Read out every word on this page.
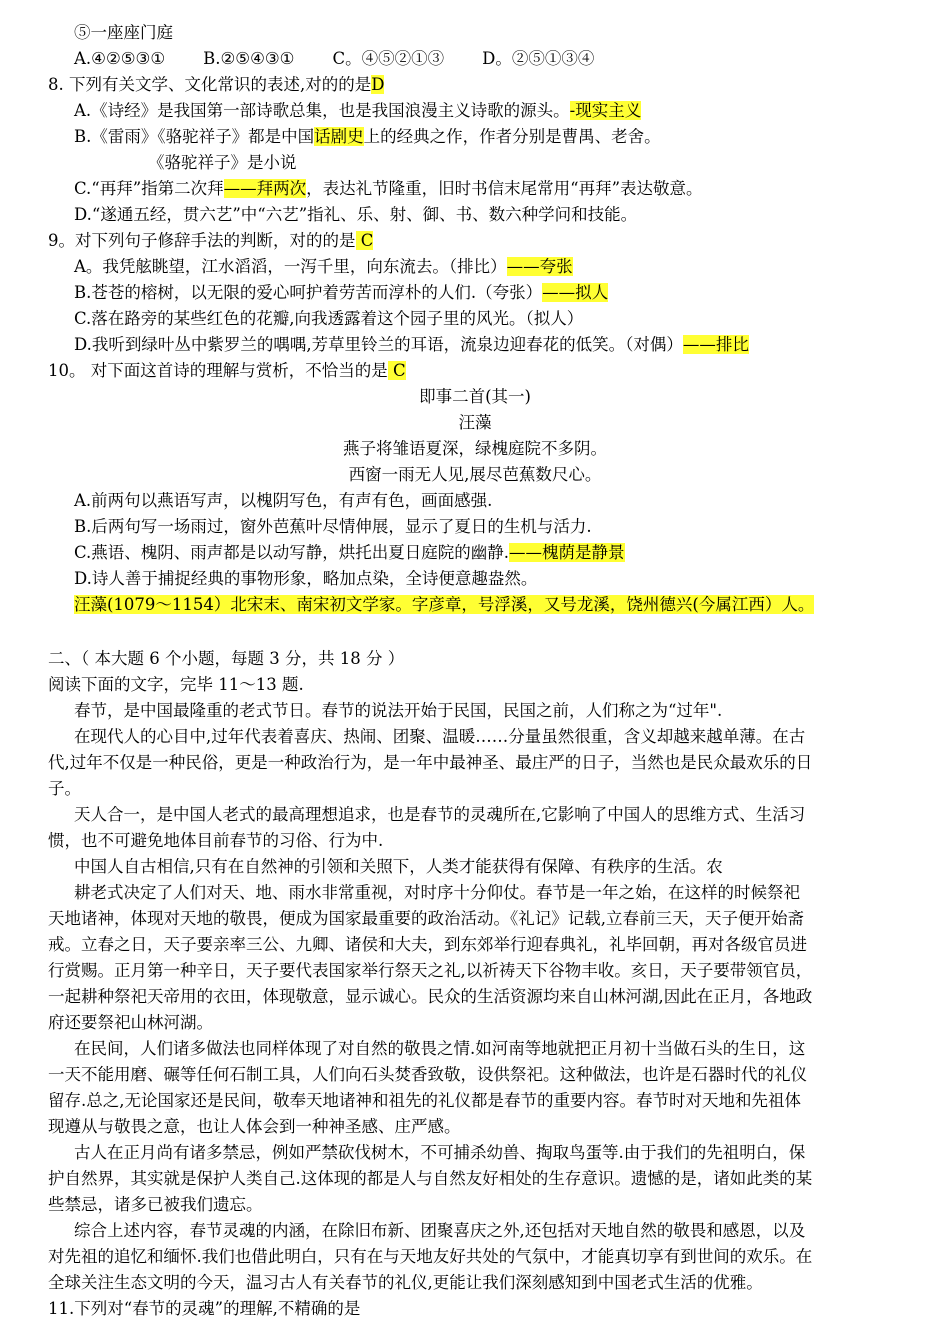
⑤一座座门庭
A.④②⑤③① B.②⑤④③① C。④⑤②①③ D。②⑤①③④
8. 下列有关文学、文化常识的表述,对的的是D
A.《诗经》是我国第一部诗歌总集，也是我国浪漫主义诗歌的源头。-现实主义
B.《雷雨》《骆驼祥子》都是中国话剧史上的经典之作，作者分别是曹禺、老舍。
《骆驼祥子》是小说
C.“再拜”指第二次拜——拜两次，表达礼节隆重，旧时书信末尾常用“再拜”表达敬意。
D.“遂通五经，贯六艺”中“六艺”指礼、乐、射、御、书、数六种学问和技能。
9。对下列句子修辞手法的判断，对的的是 C
A。我凭舷眺望，江水滔滔，一泻千里，向东流去。（排比）——夸张
B.苍苍的榕树，以无限的爱心呵护着劳苦而淳朴的人们.（夸张）——拟人
C.落在路旁的某些红色的花瓣,向我透露着这个园子里的风光。（拟人）
D.我听到绿叶丛中紫罗兰的喁喁,芳草里铃兰的耳语，流泉边迎春花的低笑。（对偶）——排比
10。 对下面这首诗的理解与赏析，不恰当的是 C
即事二首(其一)
汪藻
燕子将雏语夏深，绿槐庭院不多阴。
西窗一雨无人见,展尽芭蕉数尺心。
A.前两句以燕语写声，以槐阴写色，有声有色，画面感强.
B.后两句写一场雨过，窗外芭蕉叶尽情伸展，显示了夏日的生机与活力.
C.燕语、槐阴、雨声都是以动写静，烘托出夏日庭院的幽静.——槐荫是静景
D.诗人善于捕捉经典的事物形象，略加点染，全诗便意趣盎然。
汪藻(1079～1154）北宋末、南宋初文学家。字彦章，号浮溪，又号龙溪，饶州德兴(今属江西）人。
二、（ 本大题 6 个小题，每题 3 分，共 18 分 ）
阅读下面的文字，完毕 11～13 题.
春节，是中国最隆重的老式节日。春节的说法开始于民国，民国之前，人们称之为“过年".
在现代人的心目中,过年代表着喜庆、热闹、团聚、温暖……分量虽然很重，含义却越来越单薄。在古
代,过年不仅是一种民俗，更是一种政治行为，是一年中最神圣、最庄严的日子，当然也是民众最欢乐的日
子。
天人合一，是中国人老式的最高理想追求，也是春节的灵魂所在,它影响了中国人的思维方式、生活习
惯，也不可避免地体目前春节的习俗、行为中.
中国人自古相信,只有在自然神的引领和关照下，人类才能获得有保障、有秩序的生活。农
耕老式决定了人们对天、地、雨水非常重视，对时序十分仰仗。春节是一年之始，在这样的时候祭祀
天地诸神，体现对天地的敬畏，便成为国家最重要的政治活动。《礼记》记载,立春前三天，天子便开始斋
戒。立春之日，天子要亲率三公、九卿、诸侯和大夫，到东郊举行迎春典礼，礼毕回朝，再对各级官员进
行赏赐。正月第一种辛日，天子要代表国家举行祭天之礼,以祈祷天下谷物丰收。亥日，天子要带领官员，
一起耕种祭祀天帝用的衣田，体现敬意，显示诚心。民众的生活资源均来自山林河湖,因此在正月，各地政
府还要祭祀山林河湖。
在民间，人们诸多做法也同样体现了对自然的敬畏之情.如河南等地就把正月初十当做石头的生日，这
一天不能用磨、碾等任何石制工具，人们向石头焚香致敬，设供祭祀。这种做法，也许是石器时代的礼仪
留存.总之,无论国家还是民间，敬奉天地诸神和祖先的礼仪都是春节的重要内容。春节时对天地和先祖体
现遵从与敬畏之意，也让人体会到一种神圣感、庄严感。
古人在正月尚有诸多禁忌，例如严禁砍伐树木，不可捕杀幼兽、掏取鸟蛋等.由于我们的先祖明白，保
护自然界，其实就是保护人类自己.这体现的都是人与自然友好相处的生存意识。遗憾的是，诸如此类的某
些禁忌，诸多已被我们遗忘。
综合上述内容，春节灵魂的内涵，在除旧布新、团聚喜庆之外,还包括对天地自然的敬畏和感恩，以及
对先祖的追忆和缅怀.我们也借此明白，只有在与天地友好共处的气氛中，才能真切享有到世间的欢乐。在
全球关注生态文明的今天，温习古人有关春节的礼仪,更能让我们深刻感知到中国老式生活的优雅。
11.下列对“春节的灵魂”的理解,不精确的是
